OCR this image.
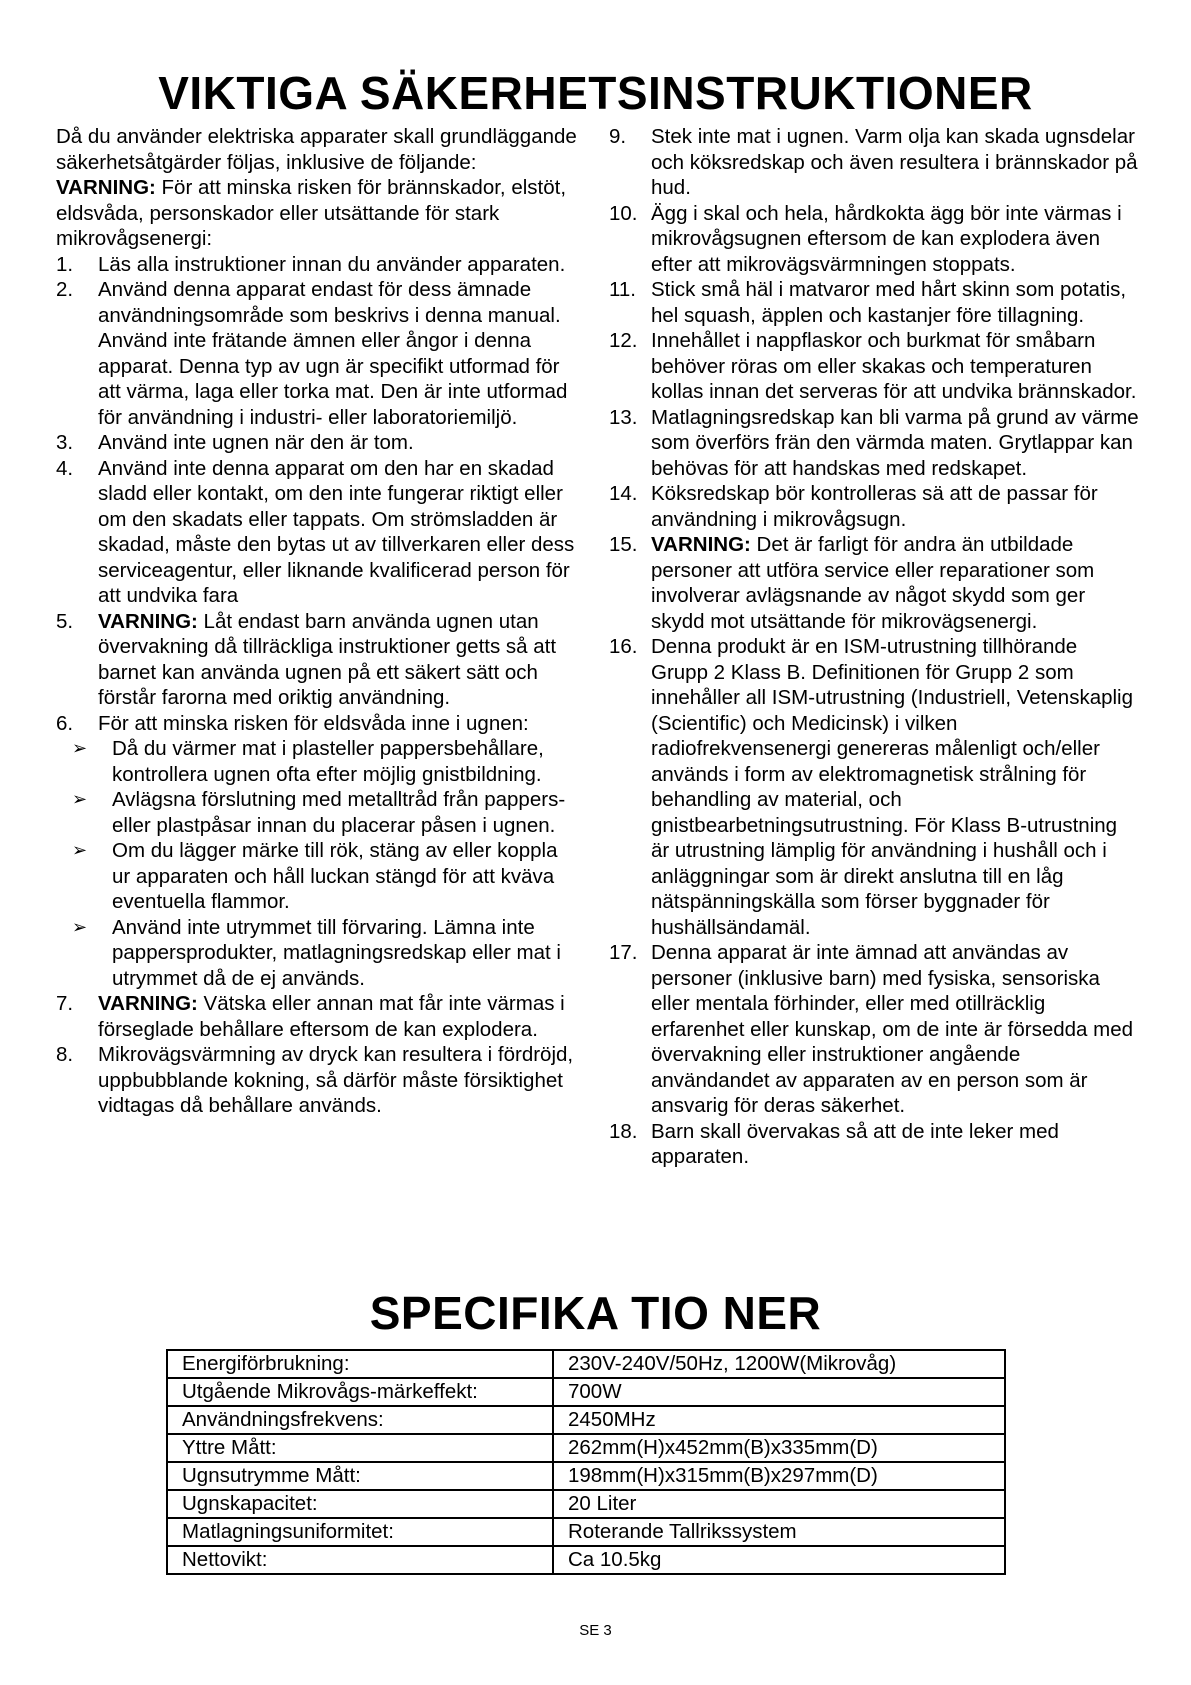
VIKTIGA SÄKERHETSINSTRUKTIONER

Då du använder elektriska apparater skall grundläggande säkerhetsåtgärder följas, inklusive de följande:

VARNING: För att minska risken för brännskador, elstöt, eldsvåda, personskador eller utsättande för stark mikrovågsenergi:

1. Läs alla instruktioner innan du använder apparaten.
2. Använd denna apparat endast för dess ämnade användningsområde som beskrivs i denna manual. Använd inte frätande ämnen eller ångor i denna apparat. Denna typ av ugn är specifikt utformad för att värma, laga eller torka mat. Den är inte utformad för användning i industri- eller laboratoriemiljö.
3. Använd inte ugnen när den är tom.
4. Använd inte denna apparat om den har en skadad sladd eller kontakt, om den inte fungerar riktigt eller om den skadats eller tappats. Om strömsladden är skadad, måste den bytas ut av tillverkaren eller dess serviceagentur, eller liknande kvalificerad person för att undvika fara
5. VARNING: Låt endast barn använda ugnen utan övervakning då tillräckliga instruktioner getts så att barnet kan använda ugnen på ett säkert sätt och förstår farorna med oriktig användning.
6. För att minska risken för eldsvåda inne i ugnen:
➢ Då du värmer mat i plasteller pappersbehållare, kontrollera ugnen ofta efter möjlig gnistbildning.
➢ Avlägsna förslutning med metalltråd från pappers- eller plastpåsar innan du placerar påsen i ugnen.
➢ Om du lägger märke till rök, stäng av eller koppla ur apparaten och håll luckan stängd för att kväva eventuella flammor.
➢ Använd inte utrymmet till förvaring. Lämna inte pappersprodukter, matlagningsredskap eller mat i utrymmet då de ej används.
7. VARNING: Vätska eller annan mat får inte värmas i förseglade behållare eftersom de kan explodera.
8. Mikrovägsvärmning av dryck kan resultera i fördröjd, uppbubblande kokning, så därför måste försiktighet vidtagas då behållare används.
9. Stek inte mat i ugnen. Varm olja kan skada ugnsdelar och köksredskap och även resultera i brännskador på hud.
10. Ägg i skal och hela, hårdkokta ägg bör inte värmas i mikrovågsugnen eftersom de kan explodera även efter att mikrovägsvärmningen stoppats.
11. Stick små häl i matvaror med hårt skinn som potatis, hel squash, äpplen och kastanjer före tillagning.
12. Innehållet i nappflaskor och burkmat för småbarn behöver röras om eller skakas och temperaturen kollas innan det serveras för att undvika brännskador.
13. Matlagningsredskap kan bli varma på grund av värme som överförs frän den värmda maten. Grytlappar kan behövas för att handskas med redskapet.
14. Köksredskap bör kontrolleras sä att de passar för användning i mikrovågsugn.
15. VARNING: Det är farligt för andra än utbildade personer att utföra service eller reparationer som involverar avlägsnande av något skydd som ger skydd mot utsättande för mikrovägsenergi.
16. Denna produkt är en ISM-utrustning tillhörande Grupp 2 Klass B. Definitionen för Grupp 2 som innehåller all ISM-utrustning (Industriell, Vetenskaplig (Scientific) och Medicinsk) i vilken radiofrekvensenergi genereras målenligt och/eller används i form av elektromagnetisk strålning för behandling av material, och gnistbearbetningsutrustning. För Klass B-utrustning är utrustning lämplig för användning i hushåll och i anläggningar som är direkt anslutna till en låg nätspänningskälla som förser byggnader för hushällsändamäl.
17. Denna apparat är inte ämnad att användas av personer (inklusive barn) med fysiska, sensoriska eller mentala förhinder, eller med otillräcklig erfarenhet eller kunskap, om de inte är försedda med övervakning eller instruktioner angående användandet av apparaten av en person som är ansvarig för deras säkerhet.
18. Barn skall övervakas så att de inte leker med apparaten.
SPECIFIKA TIO NER
Energiförbrukning:	230V-240V/50Hz, 1200W(Mikrovåg)
Utgående Mikrovågs-märkeffekt:	700W
Användningsfrekvens:	2450MHz
Yttre Mått:	262mm(H)x452mm(B)x335mm(D)
Ugnsutrymme Mått:	198mm(H)x315mm(B)x297mm(D)
Ugnskapacitet:	20 Liter
Matlagningsuniformitet:	Roterande Tallrikssystem
Nettovikt:	Ca 10.5kg
SE 3
